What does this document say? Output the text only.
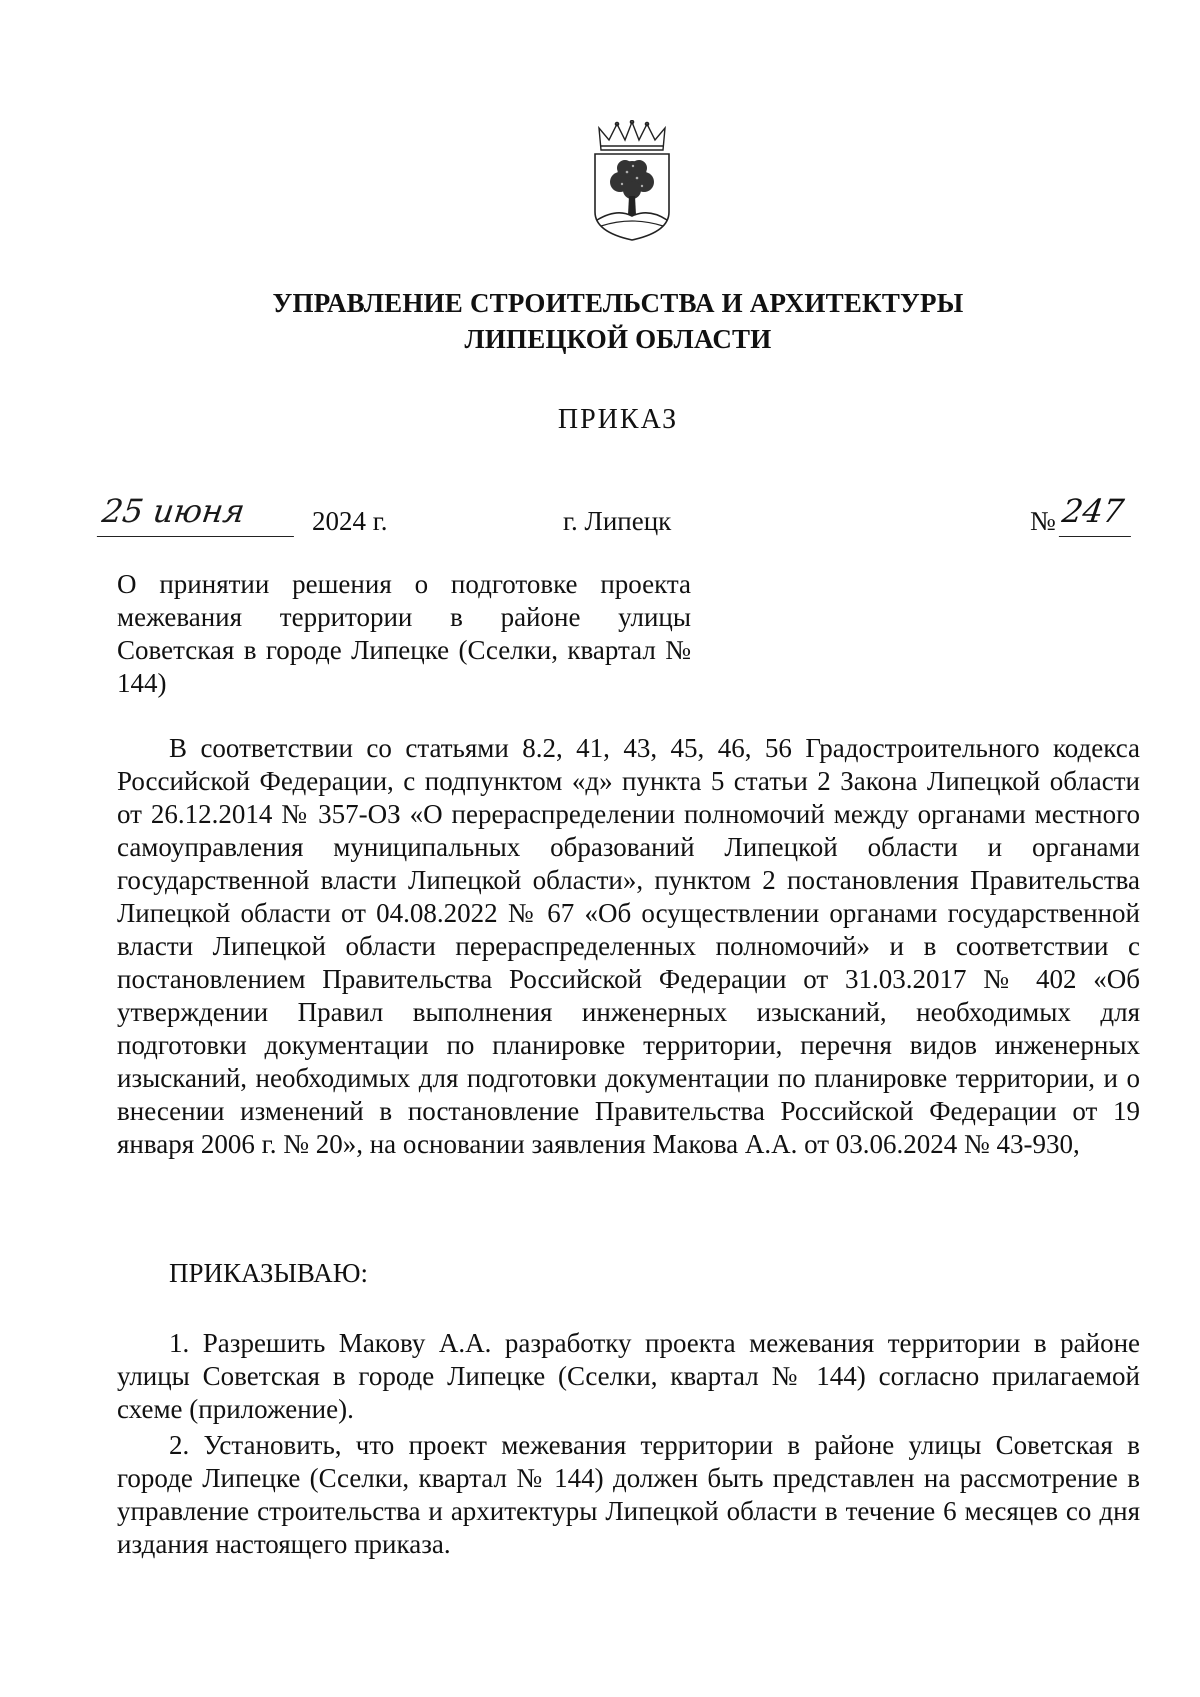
УПРАВЛЕНИЕ СТРОИТЕЛЬСТВА И АРХИТЕКТУРЫ
ЛИПЕЦКОЙ ОБЛАСТИ
ПРИКАЗ
25 июня	2024 г.	г. Липецк	№ 247
О принятии решения о подготовке проекта межевания территории в районе улицы Советская в городе Липецке (Сселки, квартал № 144)
В соответствии со статьями 8.2, 41, 43, 45, 46, 56 Градостроительного кодекса Российской Федерации, с подпунктом «д» пункта 5 статьи 2 Закона Липецкой области от 26.12.2014 № 357-ОЗ «О перераспределении полномочий между органами местного самоуправления муниципальных образований Липецкой области и органами государственной власти Липецкой области», пунктом 2 постановления Правительства Липецкой области от 04.08.2022 № 67 «Об осуществлении органами государственной власти Липецкой области перераспределенных полномочий» и в соответствии с постановлением Правительства Российской Федерации от 31.03.2017 № 402 «Об утверждении Правил выполнения инженерных изысканий, необходимых для подготовки документации по планировке территории, перечня видов инженерных изысканий, необходимых для подготовки документации по планировке территории, и о внесении изменений в постановление Правительства Российской Федерации от 19 января 2006 г. № 20», на основании заявления Макова А.А. от 03.06.2024 № 43-930,
ПРИКАЗЫВАЮ:
1. Разрешить Макову А.А. разработку проекта межевания территории в районе улицы Советская в городе Липецке (Сселки, квартал № 144) согласно прилагаемой схеме (приложение).
2. Установить, что проект межевания территории в районе улицы Советская в городе Липецке (Сселки, квартал № 144) должен быть представлен на рассмотрение в управление строительства и архитектуры Липецкой области в течение 6 месяцев со дня издания настоящего приказа.
